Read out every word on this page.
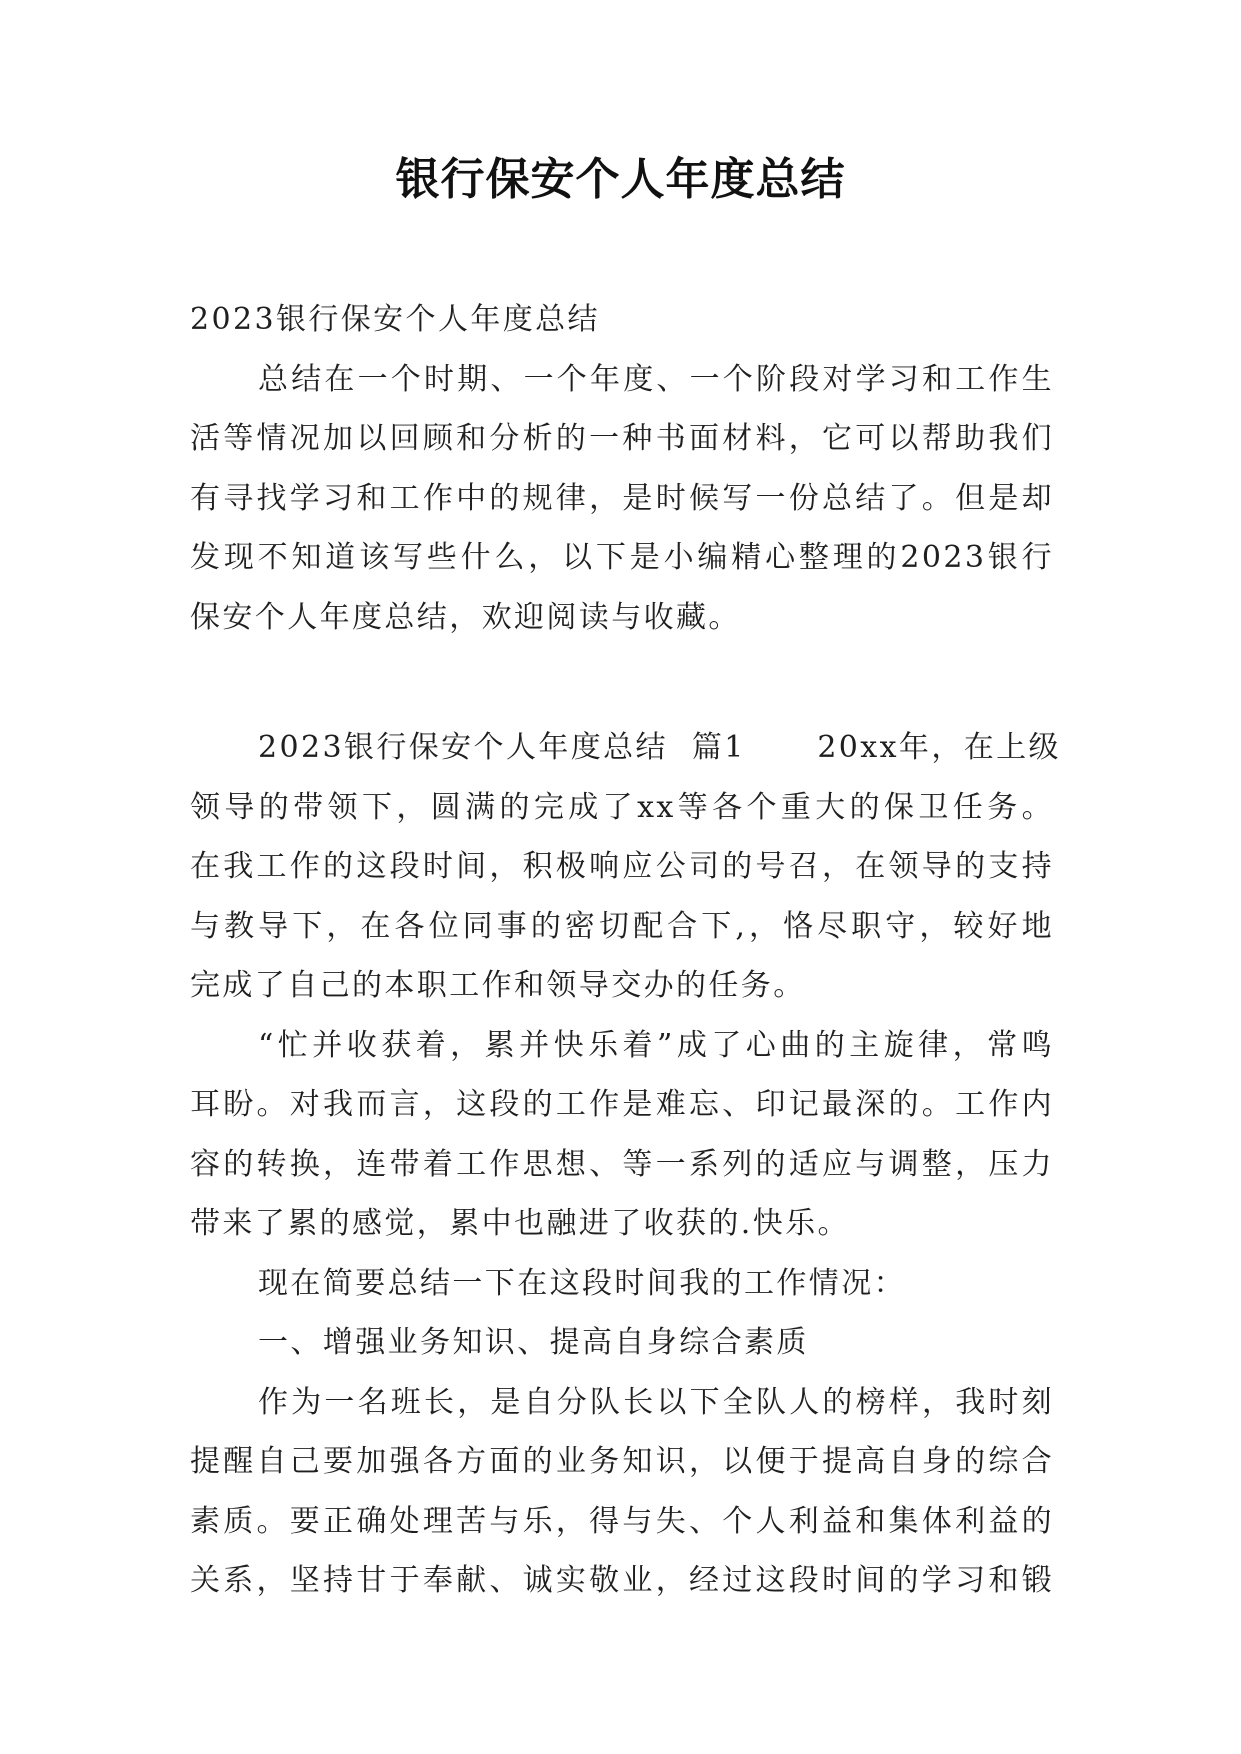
银行保安个人年度总结
2023银行保安个人年度总结
总结在一个时期、一个年度、一个阶段对学习和工作生
活等情况加以回顾和分析的一种书面材料，它可以帮助我们
有寻找学习和工作中的规律，是时候写一份总结了。但是却
发现不知道该写些什么，以下是小编精心整理的2023银行
保安个人年度总结，欢迎阅读与收藏。
2023银行保安个人年度总结  篇1      20xx年，在上级
领导的带领下，圆满的完成了xx等各个重大的保卫任务。
在我工作的这段时间，积极响应公司的号召，在领导的支持
与教导下，在各位同事的密切配合下,，恪尽职守，较好地
完成了自己的本职工作和领导交办的任务。
“忙并收获着，累并快乐着”成了心曲的主旋律，常鸣
耳盼。对我而言，这段的工作是难忘、印记最深的。工作内
容的转换，连带着工作思想、等一系列的适应与调整，压力
带来了累的感觉，累中也融进了收获的.快乐。
现在简要总结一下在这段时间我的工作情况：
一、增强业务知识、提高自身综合素质
作为一名班长，是自分队长以下全队人的榜样，我时刻
提醒自己要加强各方面的业务知识，以便于提高自身的综合
素质。要正确处理苦与乐，得与失、个人利益和集体利益的
关系，坚持甘于奉献、诚实敬业，经过这段时间的学习和锻
